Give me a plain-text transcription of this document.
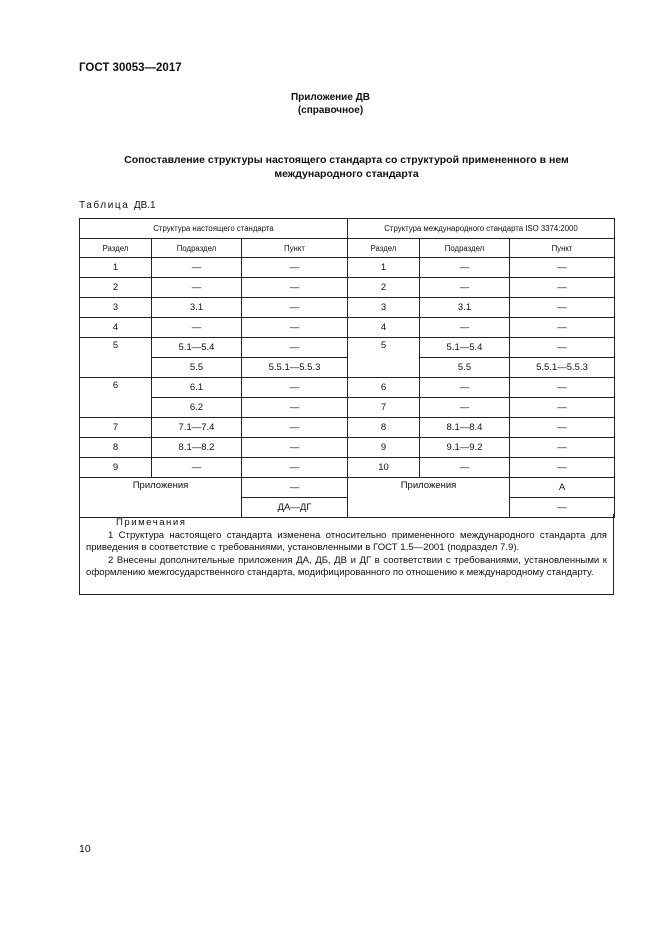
ГОСТ 30053—2017
Приложение ДВ
(справочное)
Сопоставление структуры настоящего стандарта со структурой примененного в нем
международного стандарта
Таблица ДВ.1
Структура настоящего стандарта			Структура международного стандарта ISO 3374:2000		
Раздел	Подраздел	Пункт	Раздел	Подраздел	Пункт
1	—	—	1	—	—
2	—	—	2	—	—
3	3.1	—	3	3.1	—
4	—	—	4	—	—
5	5.1—5.4	—	5	5.1—5.4	—
	5.5	5.5.1—5.5.3		5.5	5.5.1—5.5.3
6	6.1	—	6	—	—
	6.2	—	7	—	—
7	7.1—7.4	—	8	8.1—8.4	—
8	8.1—8.2	—	9	9.1—9.2	—
9	—	—	10	—	—
Приложения		—	Приложения		А
		ДА—ДГ			—
Примечания

1 Структура настоящего стандарта изменена относительно примененного международного стандарта для приведения в соответствие с требованиями, установленными в ГОСТ 1.5—2001 (подраздел 7.9).

2 Внесены дополнительные приложения ДА, ДБ, ДВ и ДГ в соответствии с требованиями, установленными к оформлению межгосударственного стандарта, модифицированного по отношению к международному стандарту.

10
